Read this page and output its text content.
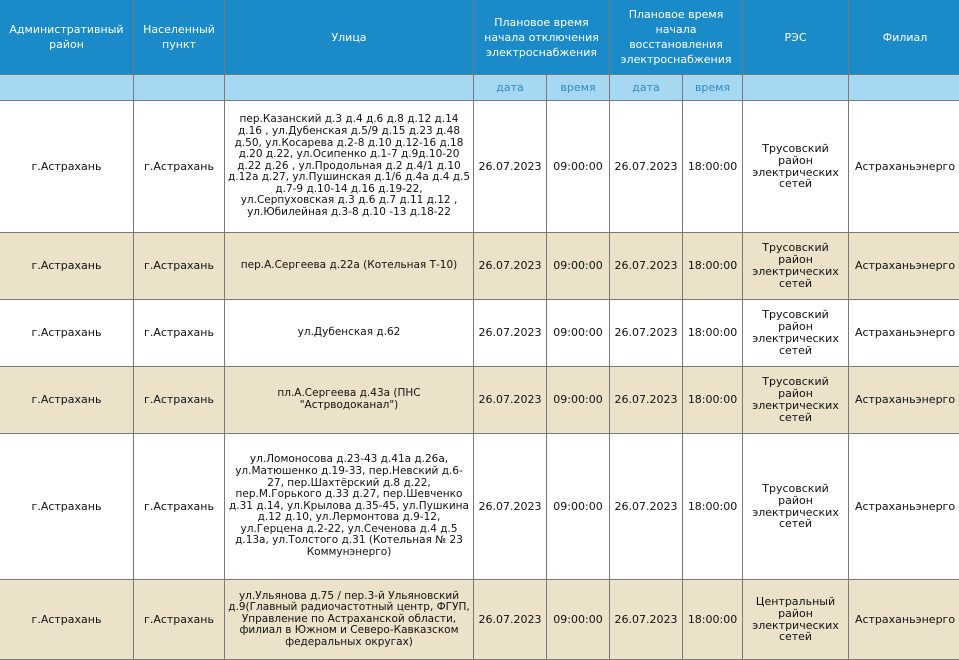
Административный район	Населенный пункт	Улица	Плановое время начала отключения электроснабжения		Плановое время начала восстановления электроснабжения		РЭС	Филиал
			дата	время	дата	время		
г.Астрахань	г.Астрахань	пер.Казанский д.3 д.4 д.6 д.8 д.12 д.14 д.16 , ул.Дубенская д.5/9 д.15 д.23 д.48 д.50, ул.Косарева д.2-8 д.10 д.12-16 д.18 д.20 д.22, ул.Осипенко д.1-7 д.9д.10-20 д.22 д.26 , ул.Продольная д.2 д.4/1 д.10 д.12а д.27, ул.Пушинская д.1/6 д.4а д.4 д.5 д.7-9 д.10-14 д.16 д.19-22, ул.Серпуховская д.3 д.6 д.7 д.11 д.12 , ул.Юбилейная д.3-8 д.10 -13 д.18-22	26.07.2023	09:00:00	26.07.2023	18:00:00	Трусовский район электрических сетей	Астраханьэнерго
г.Астрахань	г.Астрахань	пер.А.Сергеева д.22а (Котельная Т-10)	26.07.2023	09:00:00	26.07.2023	18:00:00	Трусовский район электрических сетей	Астраханьэнерго
г.Астрахань	г.Астрахань	ул.Дубенская д.62	26.07.2023	09:00:00	26.07.2023	18:00:00	Трусовский район электрических сетей	Астраханьэнерго
г.Астрахань	г.Астрахань	пл.А.Сергеева д.43а (ПНС "Астрводоканал")	26.07.2023	09:00:00	26.07.2023	18:00:00	Трусовский район электрических сетей	Астраханьэнерго
г.Астрахань	г.Астрахань	ул.Ломоносова д.23-43 д.41а д.26а, ул.Матюшенко д.19-33, пер.Невский д.6-27, пер.Шахтёрский д.8 д.22, пер.М.Горького д.33 д.27, пер.Шевченко д.31 д.14, ул.Крылова д.35-45, ул.Пушкина д.12 д.10, ул.Лермонтова д.9-12, ул.Герцена д.2-22, ул.Сеченова д.4 д.5 д.13а, ул.Толстого д.31 (Котельная № 23 Коммунэнерго)	26.07.2023	09:00:00	26.07.2023	18:00:00	Трусовский район электрических сетей	Астраханьэнерго
г.Астрахань	г.Астрахань	ул.Ульянова д.75 / пер.3-й Ульяновский д.9(Главный радиочастотный центр, ФГУП, Управление по Астраханской области, филиал в Южном и Северо-Кавказском федеральных округах)	26.07.2023	09:00:00	26.07.2023	18:00:00	Центральный район электрических сетей	Астраханьэнерго
